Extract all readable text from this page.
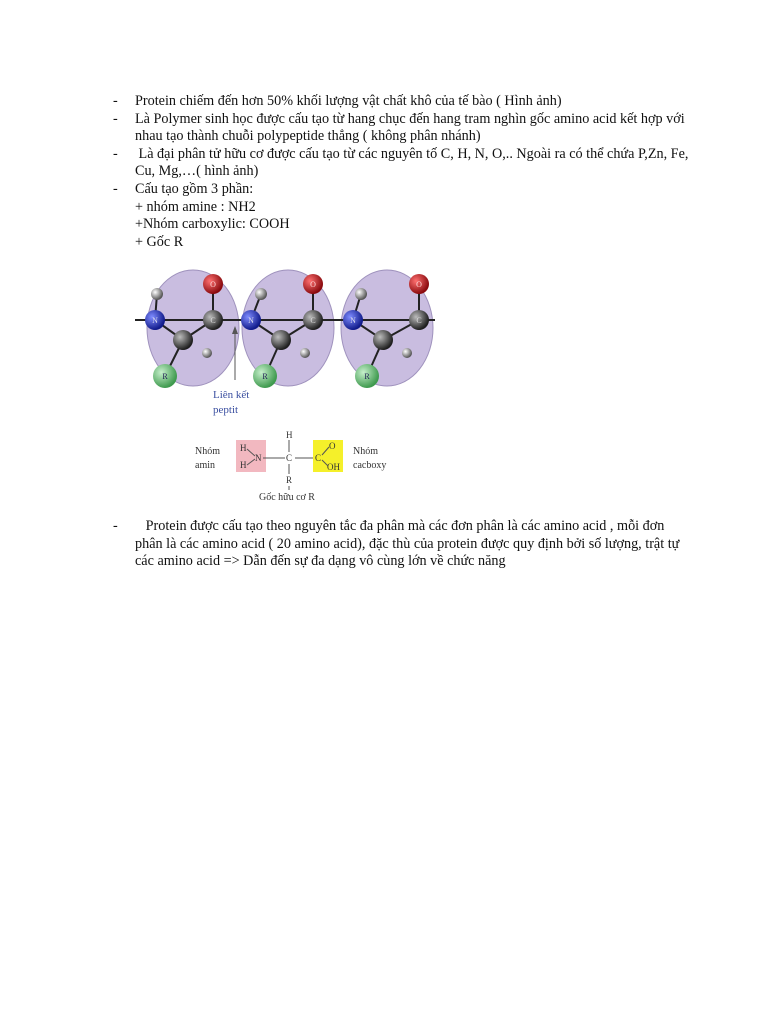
- Protein chiếm đến hơn 50% khối lượng vật chất khô của tế bào ( Hình ảnh)
- Là Polymer sinh học được cấu tạo từ hang chục đến hang tram nghìn gốc amino acid kết hợp với nhau tạo thành chuỗi polypeptide thẳng ( không phân nhánh)
- Là đại phân tử hữu cơ được cấu tạo từ các nguyên tố C, H, N, O,.. Ngoài ra có thể chứa P,Zn, Fe, Cu, Mg,…( hình ảnh)
- Cấu tạo gồm 3 phần:
+ nhóm amine : NH2
+Nhóm carboxylic: COOH
+ Gốc R
N	N	N
C	C	C
O	O	O
R	R	R
Liên kết
peptit
Nhóm
amin
H
H
N	C
H
R
C
O
OH
Nhóm
cacboxy
Gốc hữu cơ R
- Protein được cấu tạo theo nguyên tắc đa phân mà các đơn phân là các amino acid , mỗi đơn phân là các amino acid ( 20 amino acid), đặc thù của protein được quy định bởi số lượng, trật tự các amino acid => Dẫn đến sự đa dạng vô cùng lớn về chức năng
